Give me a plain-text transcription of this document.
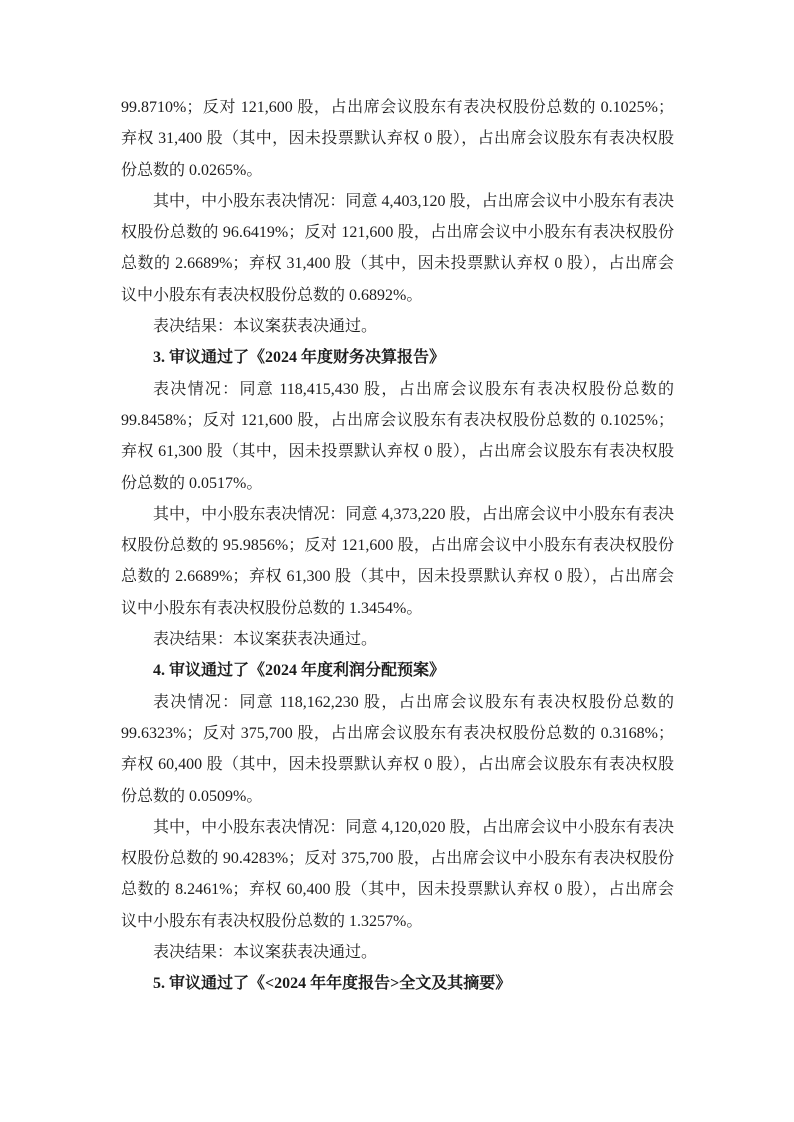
99.8710%；反对 121,600 股，占出席会议股东有表决权股份总数的 0.1025%；
弃权 31,400 股（其中，因未投票默认弃权 0 股），占出席会议股东有表决权股
份总数的 0.0265%。

其中，中小股东表决情况：同意 4,403,120 股，占出席会议中小股东有表决
权股份总数的 96.6419%；反对 121,600 股，占出席会议中小股东有表决权股份
总数的 2.6689%；弃权 31,400 股（其中，因未投票默认弃权 0 股），占出席会
议中小股东有表决权股份总数的 0.6892%。

表决结果：本议案获表决通过。

3. 审议通过了《2024 年度财务决算报告》

表决情况：同意 118,415,430 股，占出席会议股东有表决权股份总数的
99.8458%；反对 121,600 股，占出席会议股东有表决权股份总数的 0.1025%；
弃权 61,300 股（其中，因未投票默认弃权 0 股），占出席会议股东有表决权股
份总数的 0.0517%。

其中，中小股东表决情况：同意 4,373,220 股，占出席会议中小股东有表决
权股份总数的 95.9856%；反对 121,600 股，占出席会议中小股东有表决权股份
总数的 2.6689%；弃权 61,300 股（其中，因未投票默认弃权 0 股），占出席会
议中小股东有表决权股份总数的 1.3454%。

表决结果：本议案获表决通过。

4. 审议通过了《2024 年度利润分配预案》

表决情况：同意 118,162,230 股，占出席会议股东有表决权股份总数的
99.6323%；反对 375,700 股，占出席会议股东有表决权股份总数的 0.3168%；
弃权 60,400 股（其中，因未投票默认弃权 0 股），占出席会议股东有表决权股
份总数的 0.0509%。

其中，中小股东表决情况：同意 4,120,020 股，占出席会议中小股东有表决
权股份总数的 90.4283%；反对 375,700 股，占出席会议中小股东有表决权股份
总数的 8.2461%；弃权 60,400 股（其中，因未投票默认弃权 0 股），占出席会
议中小股东有表决权股份总数的 1.3257%。

表决结果：本议案获表决通过。

5. 审议通过了《<2024 年年度报告>全文及其摘要》
